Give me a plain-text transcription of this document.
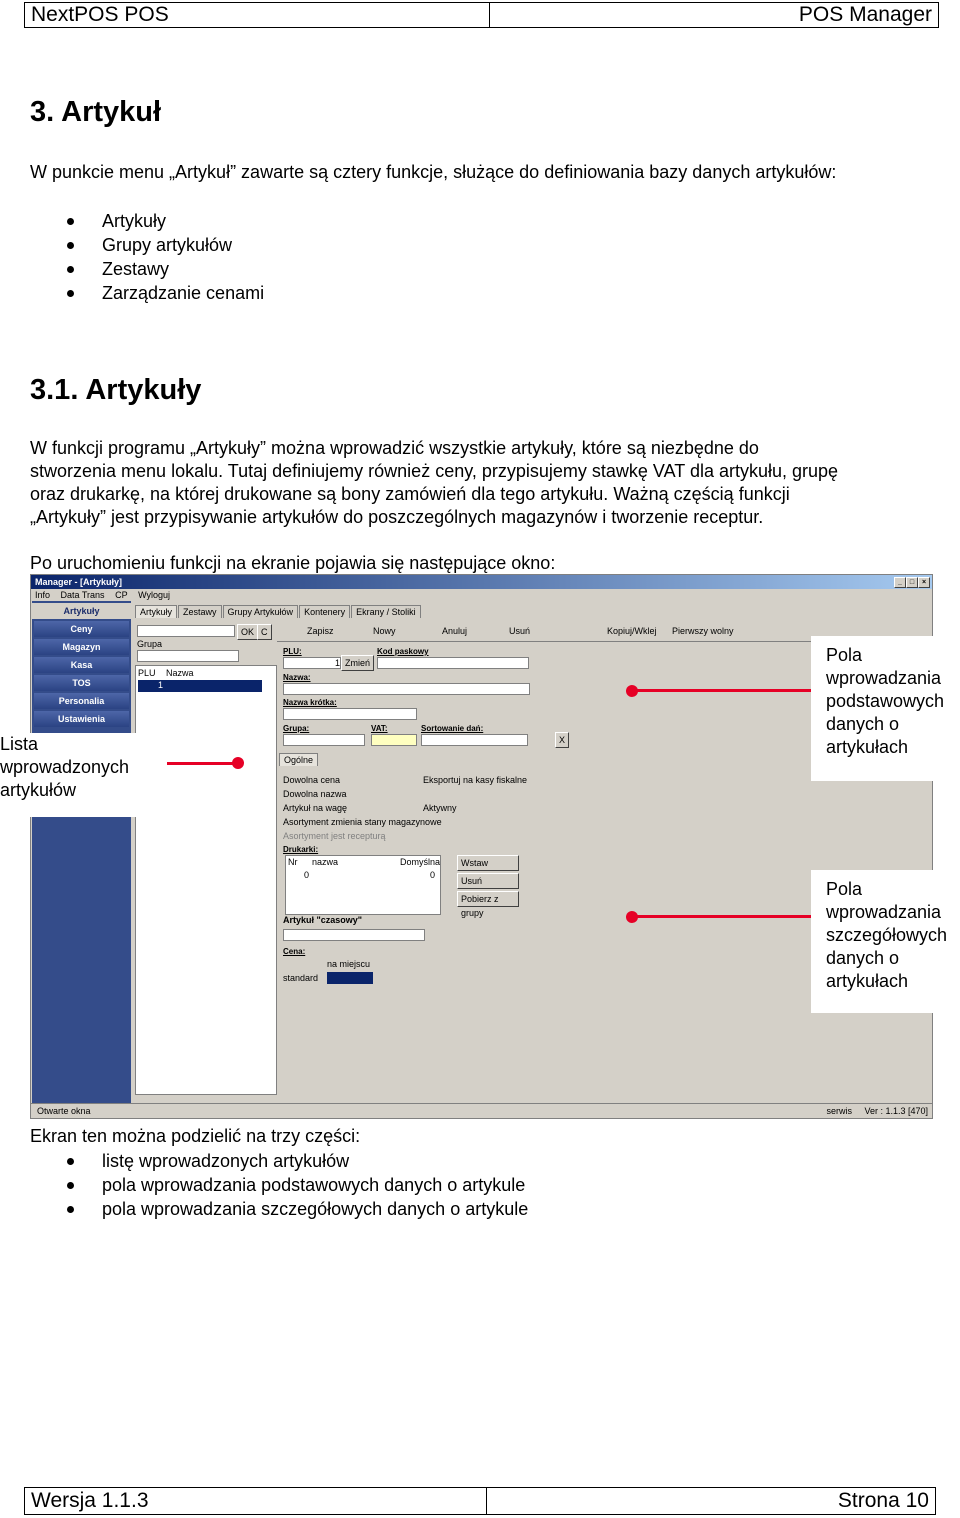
NextPOS POS	POS Manager
3. Artykuł
W punkcie menu „Artykuł” zawarte są cztery funkcje, służące do definiowania bazy danych artykułów:
Artykuły
Grupy artykułów
Zestawy
Zarządzanie cenami
3.1. Artykuły
W funkcji programu „Artykuły” można wprowadzić wszystkie artykuły, które są niezbędne do
stworzenia menu lokalu. Tutaj definiujemy również ceny, przypisujemy stawkę VAT dla artykułu, grupę
oraz drukarkę, na której drukowane są bony zamówień dla tego artykułu. Ważną częścią funkcji
„Artykuły” jest przypisywanie artykułów do poszczególnych magazynów i tworzenie receptur.
Po uruchomieniu funkcji na ekranie pojawia się następujące okno:
Manager - [Artykuły]	_	□	×
Info Data Trans CP Wyloguj
Artykuły
Ceny
Magazyn
Kasa
TOS
Personalia
Ustawienia
Artykuły Zestawy Grupy Artykułów Kontenery Ekrany / Stoliki
OK C
Grupa
PLU Nazwa
1
Zapisz	Nowy	Anuluj	Usuń	Kopiuj/Wklej Pierwszy wolny
PLU:	Kod paskowy
1 Zmień
Nazwa:
Nazwa krótka:
Grupa:	VAT:	Sortowanie dań:
X
Ogólne
Dowolna cena	Eksportuj na kasy fiskalne
Dowolna nazwa
Artykuł na wagę	Aktywny
Asortyment zmienia stany magazynowe
Asortyment jest recepturą
Drukarki:
Nr nazwa	Domyślna
0	0
Wstaw
Usuń
Pobierz z grupy
Artykuł "czasowy"
Cena:
na miejscu
standard
Otwarte okna	serwis Ver : 1.1.3 [470]
Lista
wprowadzonych
artykułów
Pola
wprowadzania
podstawowych
danych o
artykułach
Pola
wprowadzania
szczegółowych
danych o
artykułach
Ekran ten można podzielić na trzy części:
listę wprowadzonych artykułów
pola wprowadzania podstawowych danych o artykule
pola wprowadzania szczegółowych danych o artykule
Wersja 1.1.3	Strona 10
